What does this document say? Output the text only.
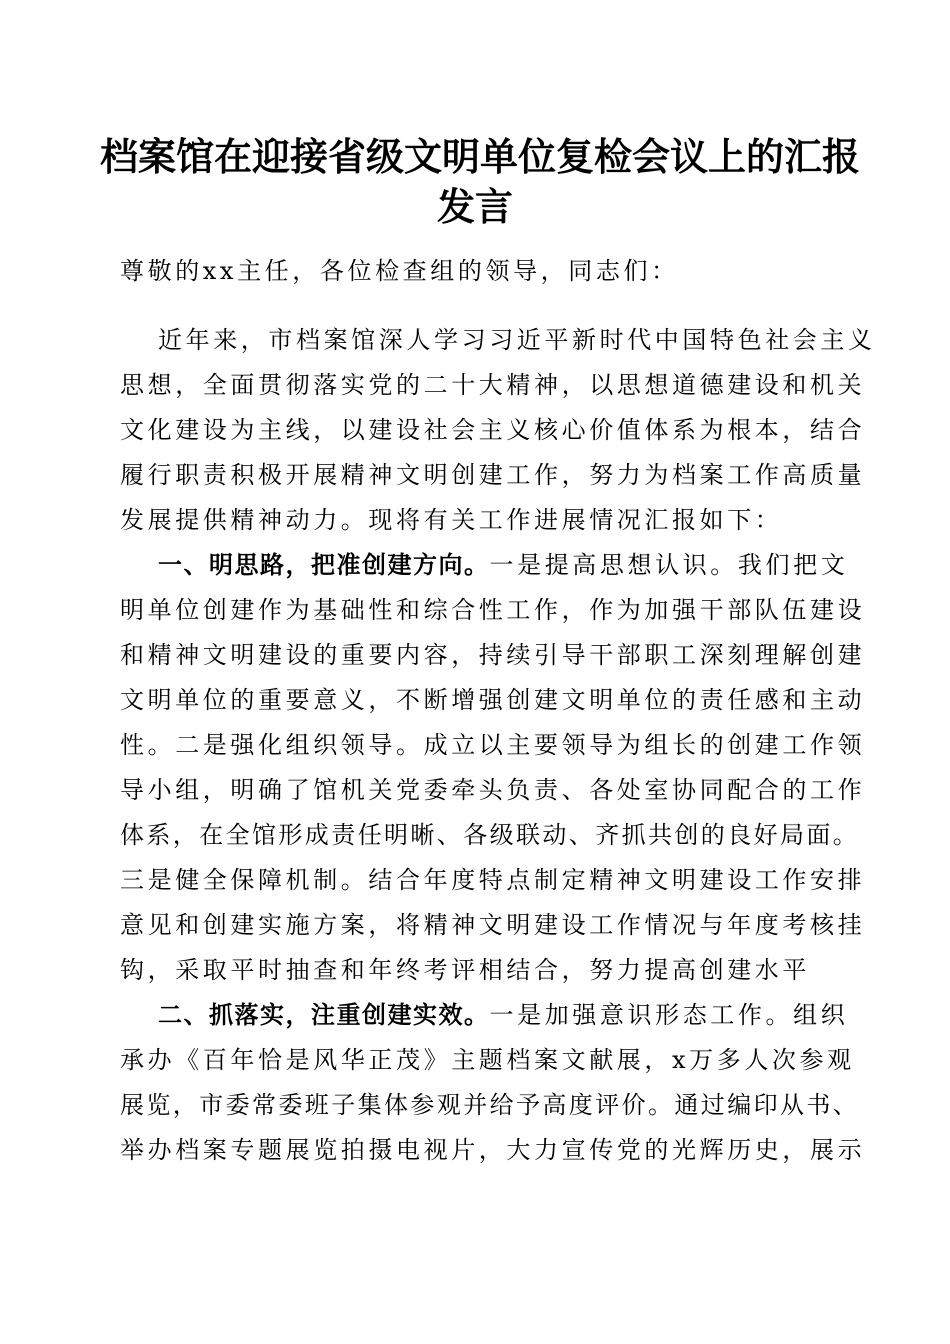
档案馆在迎接省级文明单位复检会议上的汇报
发言
尊敬的xx主任，各位检查组的领导，同志们：
近年来，市档案馆深人学习习近平新时代中国特色社会主义
思想，全面贯彻落实党的二十大精神，以思想道德建设和机关
文化建设为主线，以建设社会主义核心价值体系为根本，结合
履行职责积极开展精神文明创建工作，努力为档案工作高质量
发展提供精神动力。现将有关工作进展情况汇报如下：
一、明思路，把准创建方向。一是提高思想认识。我们把文
明单位创建作为基础性和综合性工作，作为加强干部队伍建设
和精神文明建设的重要内容，持续引导干部职工深刻理解创建
文明单位的重要意义，不断增强创建文明单位的责任感和主动
性。二是强化组织领导。成立以主要领导为组长的创建工作领
导小组，明确了馆机关党委牵头负责、各处室协同配合的工作
体系，在全馆形成责任明晰、各级联动、齐抓共创的良好局面。
三是健全保障机制。结合年度特点制定精神文明建设工作安排
意见和创建实施方案，将精神文明建设工作情况与年度考核挂
钩，采取平时抽查和年终考评相结合，努力提高创建水平
二、抓落实，注重创建实效。一是加强意识形态工作。组织
承办《百年恰是风华正茂》主题档案文献展，x万多人次参观
展览，市委常委班子集体参观并给予高度评价。通过编印从书、
举办档案专题展览拍摄电视片，大力宣传党的光辉历史，展示
